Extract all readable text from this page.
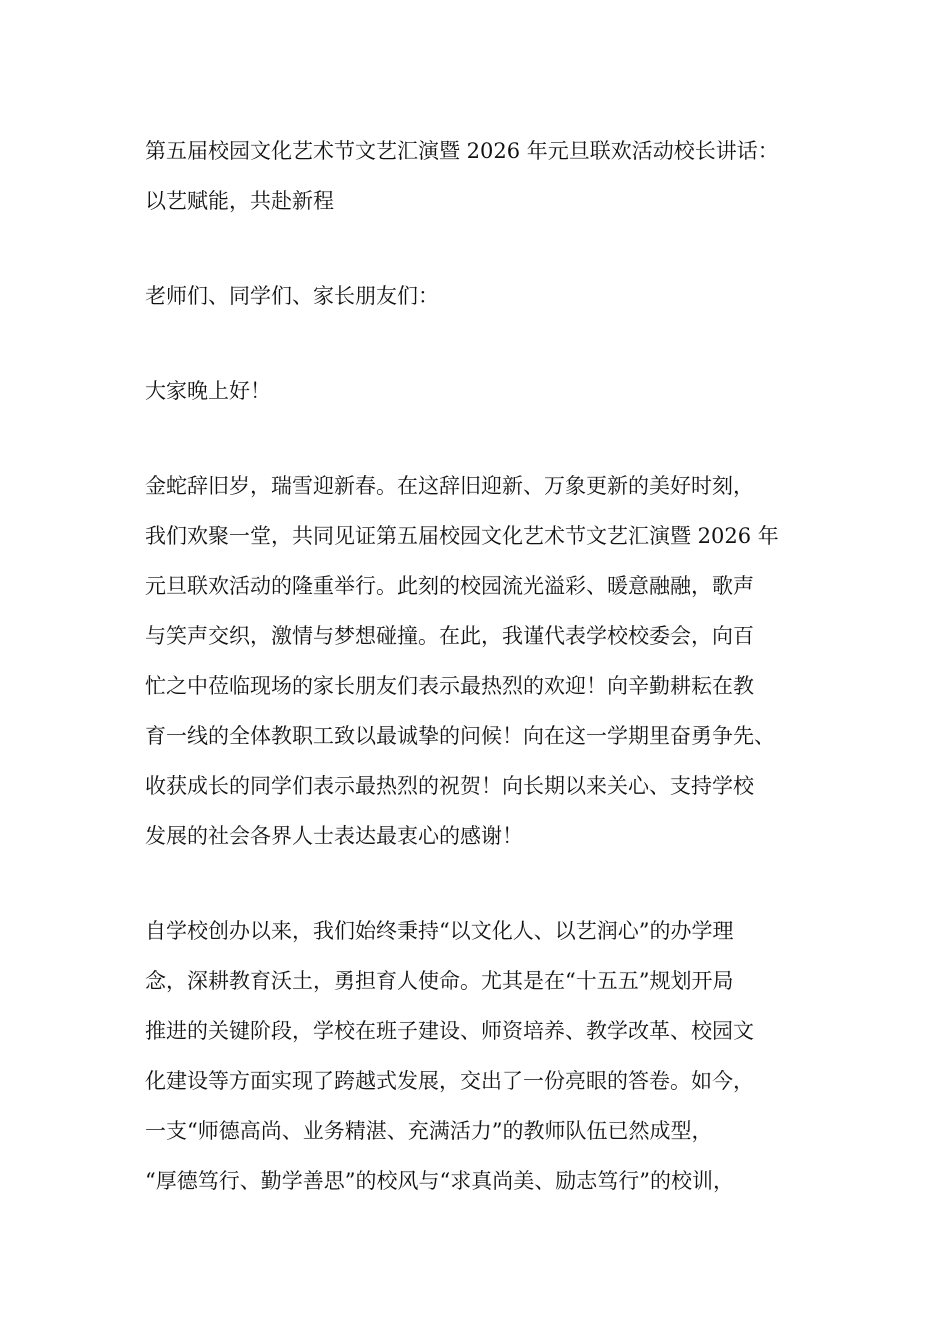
第五届校园文化艺术节文艺汇演暨 2026 年元旦联欢活动校长讲话：
以艺赋能，共赴新程
老师们、同学们、家长朋友们：
大家晚上好！
金蛇辞旧岁，瑞雪迎新春。在这辞旧迎新、万象更新的美好时刻，
我们欢聚一堂，共同见证第五届校园文化艺术节文艺汇演暨 2026 年
元旦联欢活动的隆重举行。此刻的校园流光溢彩、暖意融融，歌声
与笑声交织，激情与梦想碰撞。在此，我谨代表学校校委会，向百
忙之中莅临现场的家长朋友们表示最热烈的欢迎！向辛勤耕耘在教
育一线的全体教职工致以最诚挚的问候！向在这一学期里奋勇争先、
收获成长的同学们表示最热烈的祝贺！向长期以来关心、支持学校
发展的社会各界人士表达最衷心的感谢！
自学校创办以来，我们始终秉持“以文化人、以艺润心”的办学理
念，深耕教育沃土，勇担育人使命。尤其是在“十五五”规划开局
推进的关键阶段，学校在班子建设、师资培养、教学改革、校园文
化建设等方面实现了跨越式发展，交出了一份亮眼的答卷。如今，
一支“师德高尚、业务精湛、充满活力”的教师队伍已然成型，
“厚德笃行、勤学善思”的校风与“求真尚美、励志笃行”的校训，
